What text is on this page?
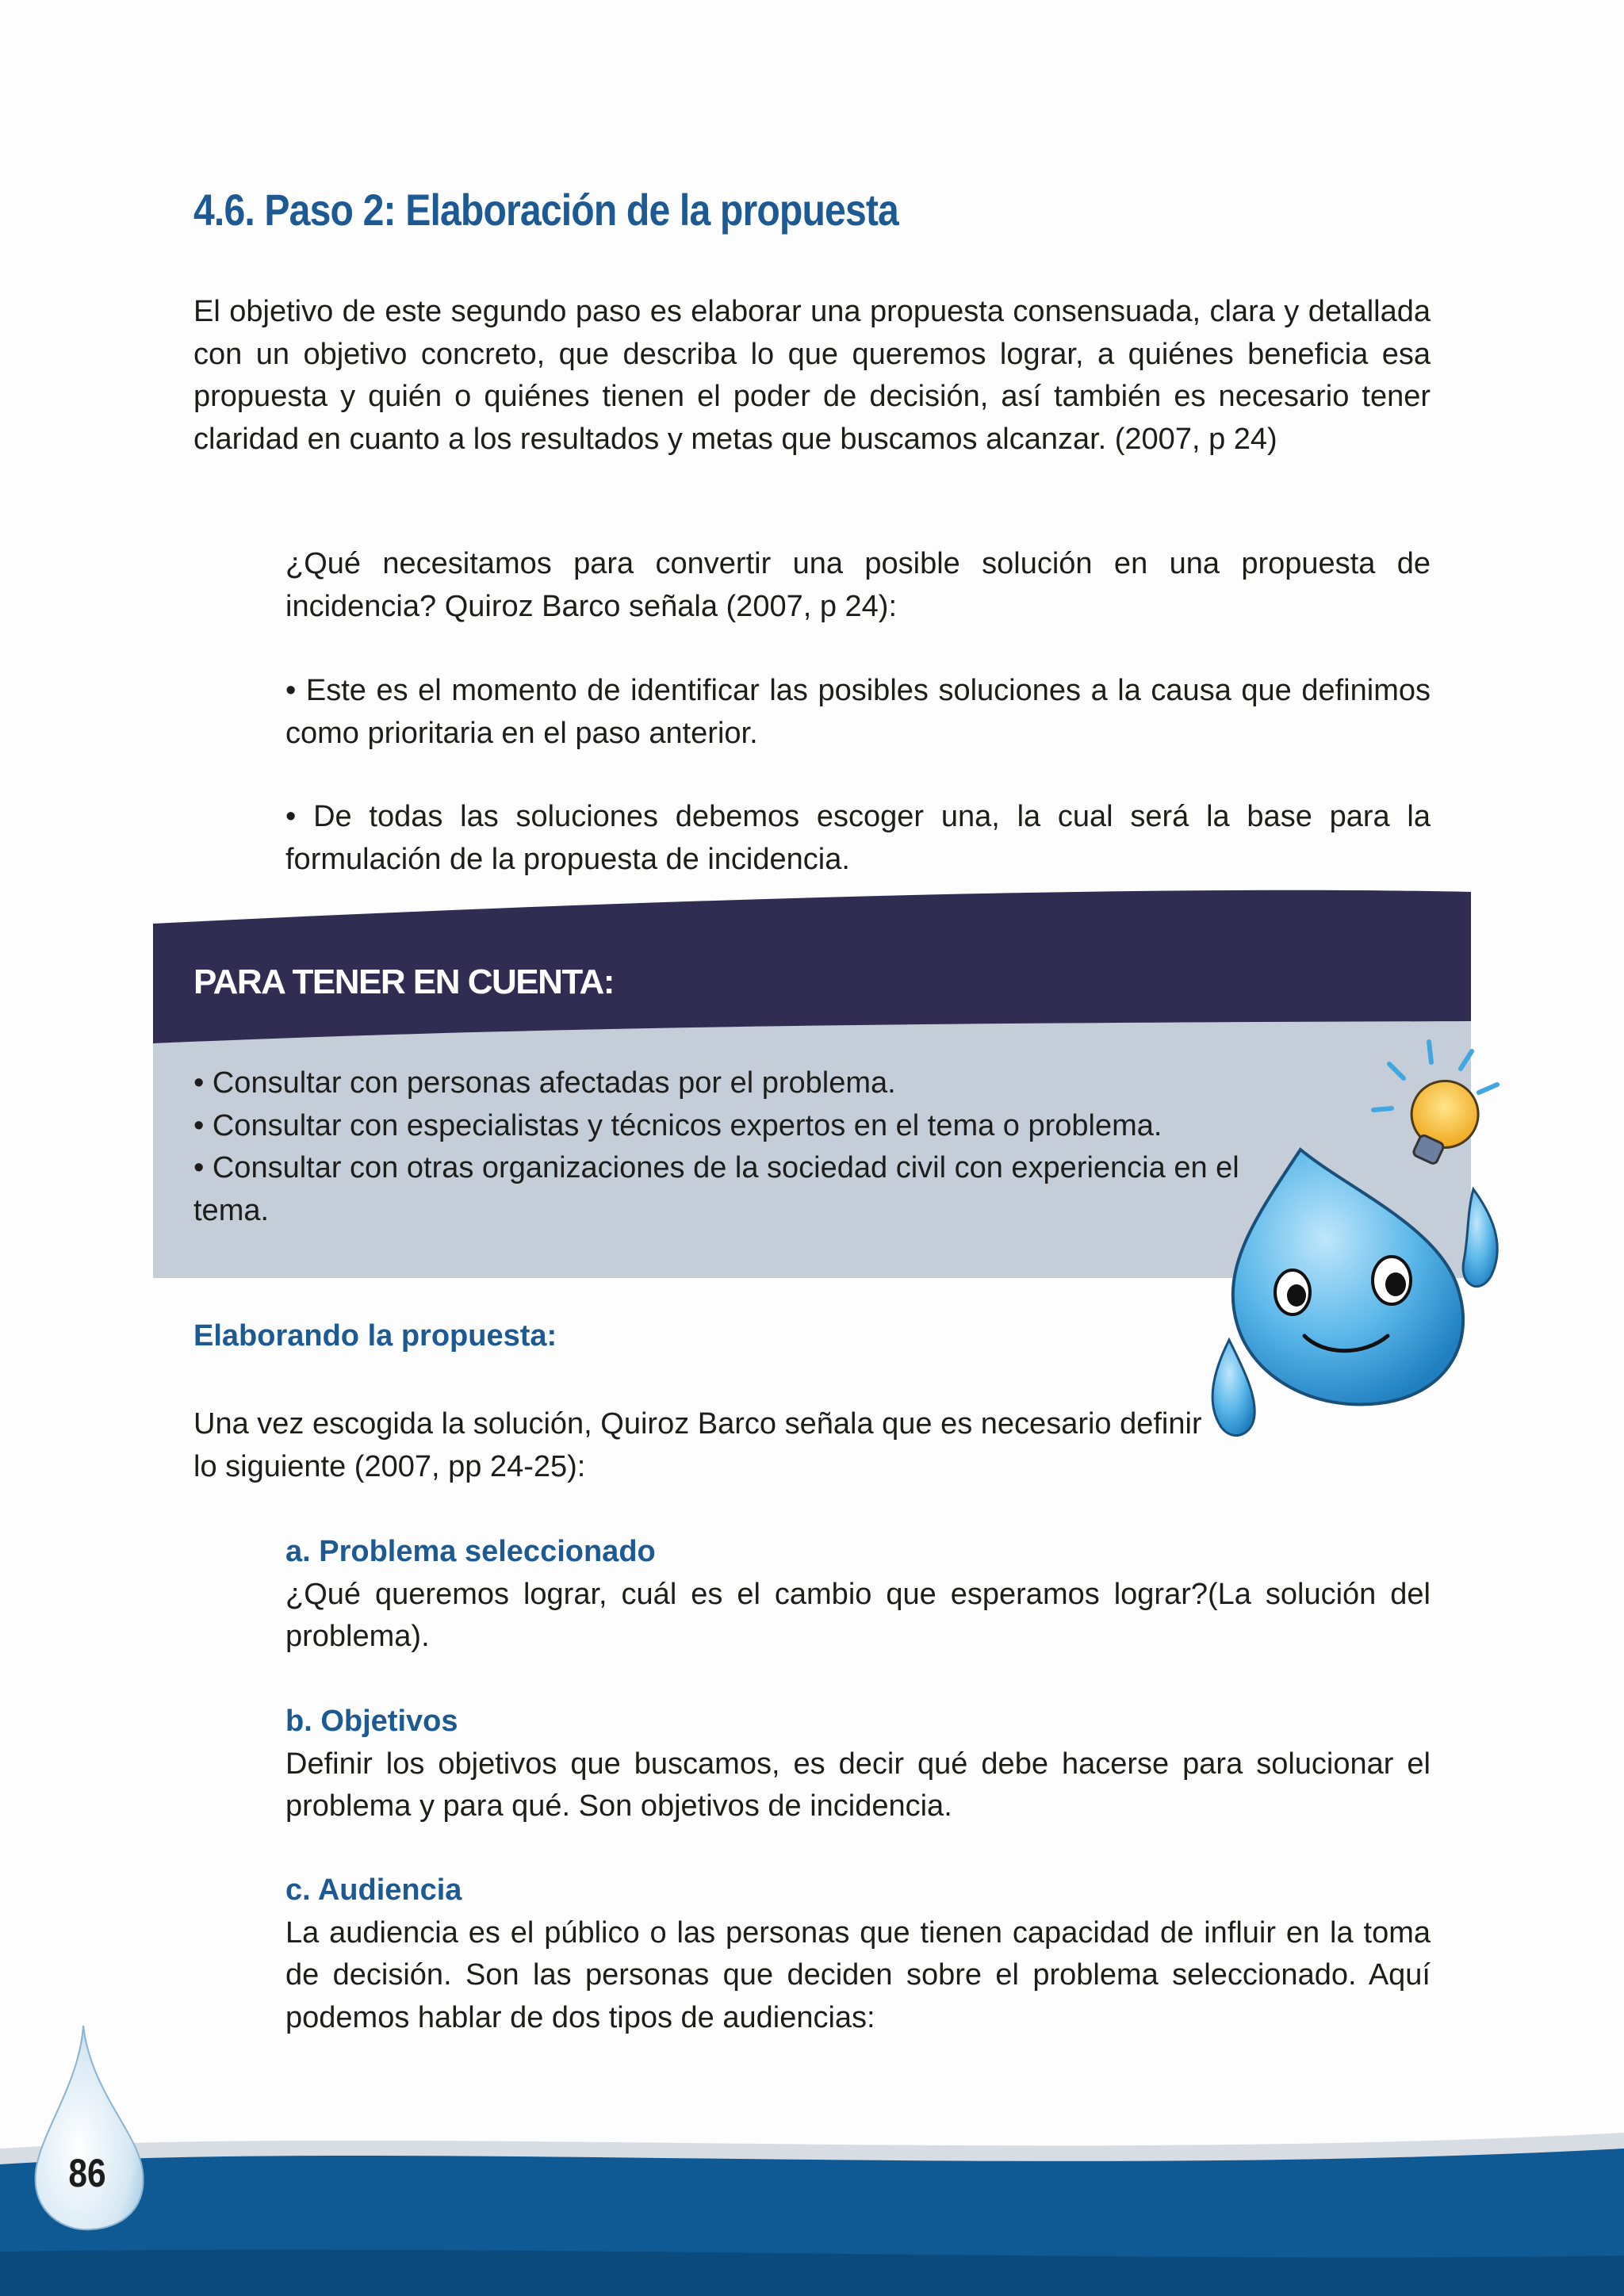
4.6. Paso 2: Elaboración de la propuesta

El objetivo de este segundo paso es elaborar una propuesta consensuada, clara y detallada con un objetivo concreto, que describa lo que queremos lograr, a quiénes beneficia esa propuesta y quién o quiénes tienen el poder de decisión, así también es necesario tener claridad en cuanto a los resultados y metas que buscamos alcanzar. (2007, p 24)

¿Qué necesitamos para convertir una posible solución en una propuesta de incidencia? Quiroz Barco señala (2007, p 24):

• Este es el momento de identificar las posibles soluciones a la causa que definimos como prioritaria en el paso anterior.

• De todas las soluciones debemos escoger una, la cual será la base para la formulación de la propuesta de incidencia.

PARA TENER EN CUENTA:
• Consultar con personas afectadas por el problema.
• Consultar con especialistas y técnicos expertos en el tema o problema.
• Consultar con otras organizaciones de la sociedad civil con experiencia en el tema.
Elaborando la propuesta:

Una vez escogida la solución, Quiroz Barco señala que es necesario definir lo siguiente (2007, pp 24-25):

a. Problema seleccionado

¿Qué queremos lograr, cuál es el cambio que esperamos lograr?(La solución del problema).

b. Objetivos

Definir los objetivos que buscamos, es decir qué debe hacerse para solucionar el problema y para qué. Son objetivos de incidencia.

c. Audiencia

La audiencia es el público o las personas que tienen capacidad de influir en la toma de decisión. Son las personas que deciden sobre el problema seleccionado. Aquí podemos hablar de dos tipos de audiencias:

86
